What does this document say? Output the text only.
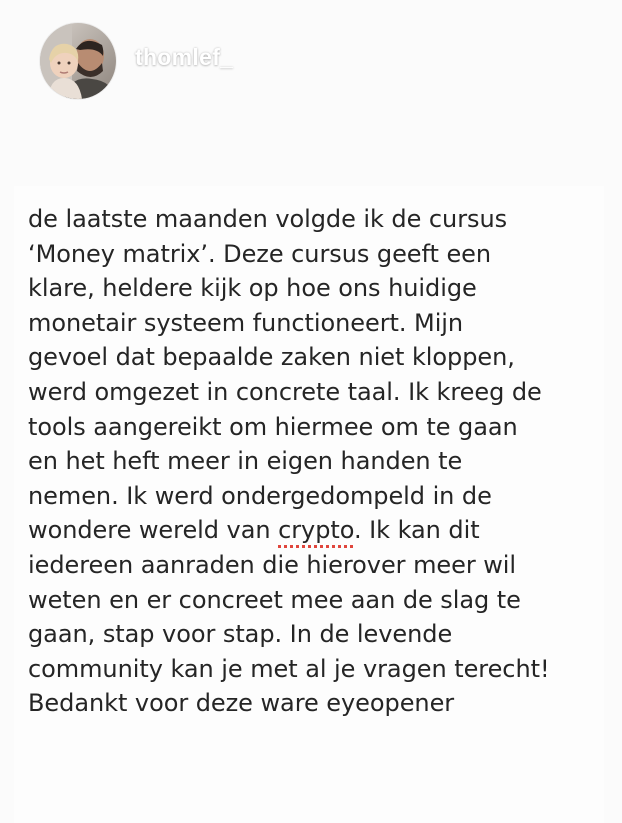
thomlef_

de laatste maanden volgde ik de cursus
‘Money matrix’. Deze cursus geeft een
klare, heldere kijk op hoe ons huidige
monetair systeem functioneert. Mijn
gevoel dat bepaalde zaken niet kloppen,
werd omgezet in concrete taal. Ik kreeg de
tools aangereikt om hiermee om te gaan
en het heft meer in eigen handen te
nemen. Ik werd ondergedompeld in de
wondere wereld van crypto. Ik kan dit
iedereen aanraden die hierover meer wil
weten en er concreet mee aan de slag te
gaan, stap voor stap. In de levende
community kan je met al je vragen terecht!
Bedankt voor deze ware eyeopener
